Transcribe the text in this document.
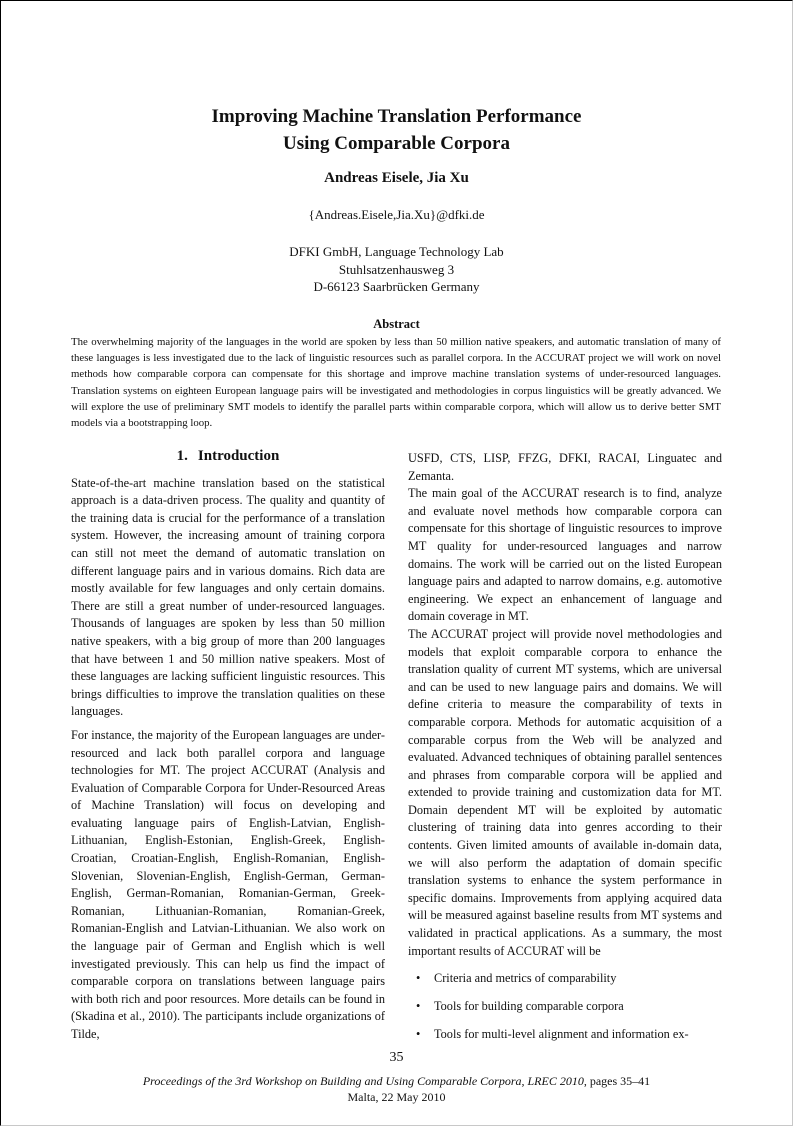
Improving Machine Translation Performance
Using Comparable Corpora
Andreas Eisele, Jia Xu
{Andreas.Eisele,Jia.Xu}@dfki.de
DFKI GmbH, Language Technology Lab
Stuhlsatzenhausweg 3
D-66123 Saarbrücken Germany
Abstract

The overwhelming majority of the languages in the world are spoken by less than 50 million native speakers, and automatic translation of many of these languages is less investigated due to the lack of linguistic resources such as parallel corpora. In the ACCURAT project we will work on novel methods how comparable corpora can compensate for this shortage and improve machine translation systems of under-resourced languages. Translation systems on eighteen European language pairs will be investigated and methodologies in corpus linguistics will be greatly advanced. We will explore the use of preliminary SMT models to identify the parallel parts within comparable corpora, which will allow us to derive better SMT models via a bootstrapping loop.

1. Introduction

State-of-the-art machine translation based on the statistical approach is a data-driven process. The quality and quantity of the training data is crucial for the performance of a translation system. However, the increasing amount of training corpora can still not meet the demand of automatic translation on different language pairs and in various domains. Rich data are mostly available for few languages and only certain domains. There are still a great number of under-resourced languages. Thousands of languages are spoken by less than 50 million native speakers, with a big group of more than 200 languages that have between 1 and 50 million native speakers. Most of these languages are lacking sufficient linguistic resources. This brings difficulties to improve the translation qualities on these languages.

For instance, the majority of the European languages are under-resourced and lack both parallel corpora and language technologies for MT. The project ACCURAT (Analysis and Evaluation of Comparable Corpora for Under-Resourced Areas of Machine Translation) will focus on developing and evaluating language pairs of English-Latvian, English-Lithuanian, English-Estonian, English-Greek, English-Croatian, Croatian-English, English-Romanian, English-Slovenian, Slovenian-English, English-German, German-English, German-Romanian, Romanian-German, Greek-Romanian, Lithuanian-Romanian, Romanian-Greek, Romanian-English and Latvian-Lithuanian. We also work on the language pair of German and English which is well investigated previously. This can help us find the impact of comparable corpora on translations between language pairs with both rich and poor resources. More details can be found in (Skadina et al., 2010). The participants include organizations of Tilde,

USFD, CTS, LISP, FFZG, DFKI, RACAI, Linguatec and Zemanta.

The main goal of the ACCURAT research is to find, analyze and evaluate novel methods how comparable corpora can compensate for this shortage of linguistic resources to improve MT quality for under-resourced languages and narrow domains. The work will be carried out on the listed European language pairs and adapted to narrow domains, e.g. automotive engineering. We expect an enhancement of language and domain coverage in MT.

The ACCURAT project will provide novel methodologies and models that exploit comparable corpora to enhance the translation quality of current MT systems, which are universal and can be used to new language pairs and domains. We will define criteria to measure the comparability of texts in comparable corpora. Methods for automatic acquisition of a comparable corpus from the Web will be analyzed and evaluated. Advanced techniques of obtaining parallel sentences and phrases from comparable corpora will be applied and extended to provide training and customization data for MT. Domain dependent MT will be exploited by automatic clustering of training data into genres according to their contents. Given limited amounts of available in-domain data, we will also perform the adaptation of domain specific translation systems to enhance the system performance in specific domains. Improvements from applying acquired data will be measured against baseline results from MT systems and validated in practical applications. As a summary, the most important results of ACCURAT will be

• Criteria and metrics of comparability
• Tools for building comparable corpora
• Tools for multi-level alignment and information ex-
35
Proceedings of the 3rd Workshop on Building and Using Comparable Corpora, LREC 2010, pages 35–41
Malta, 22 May 2010
